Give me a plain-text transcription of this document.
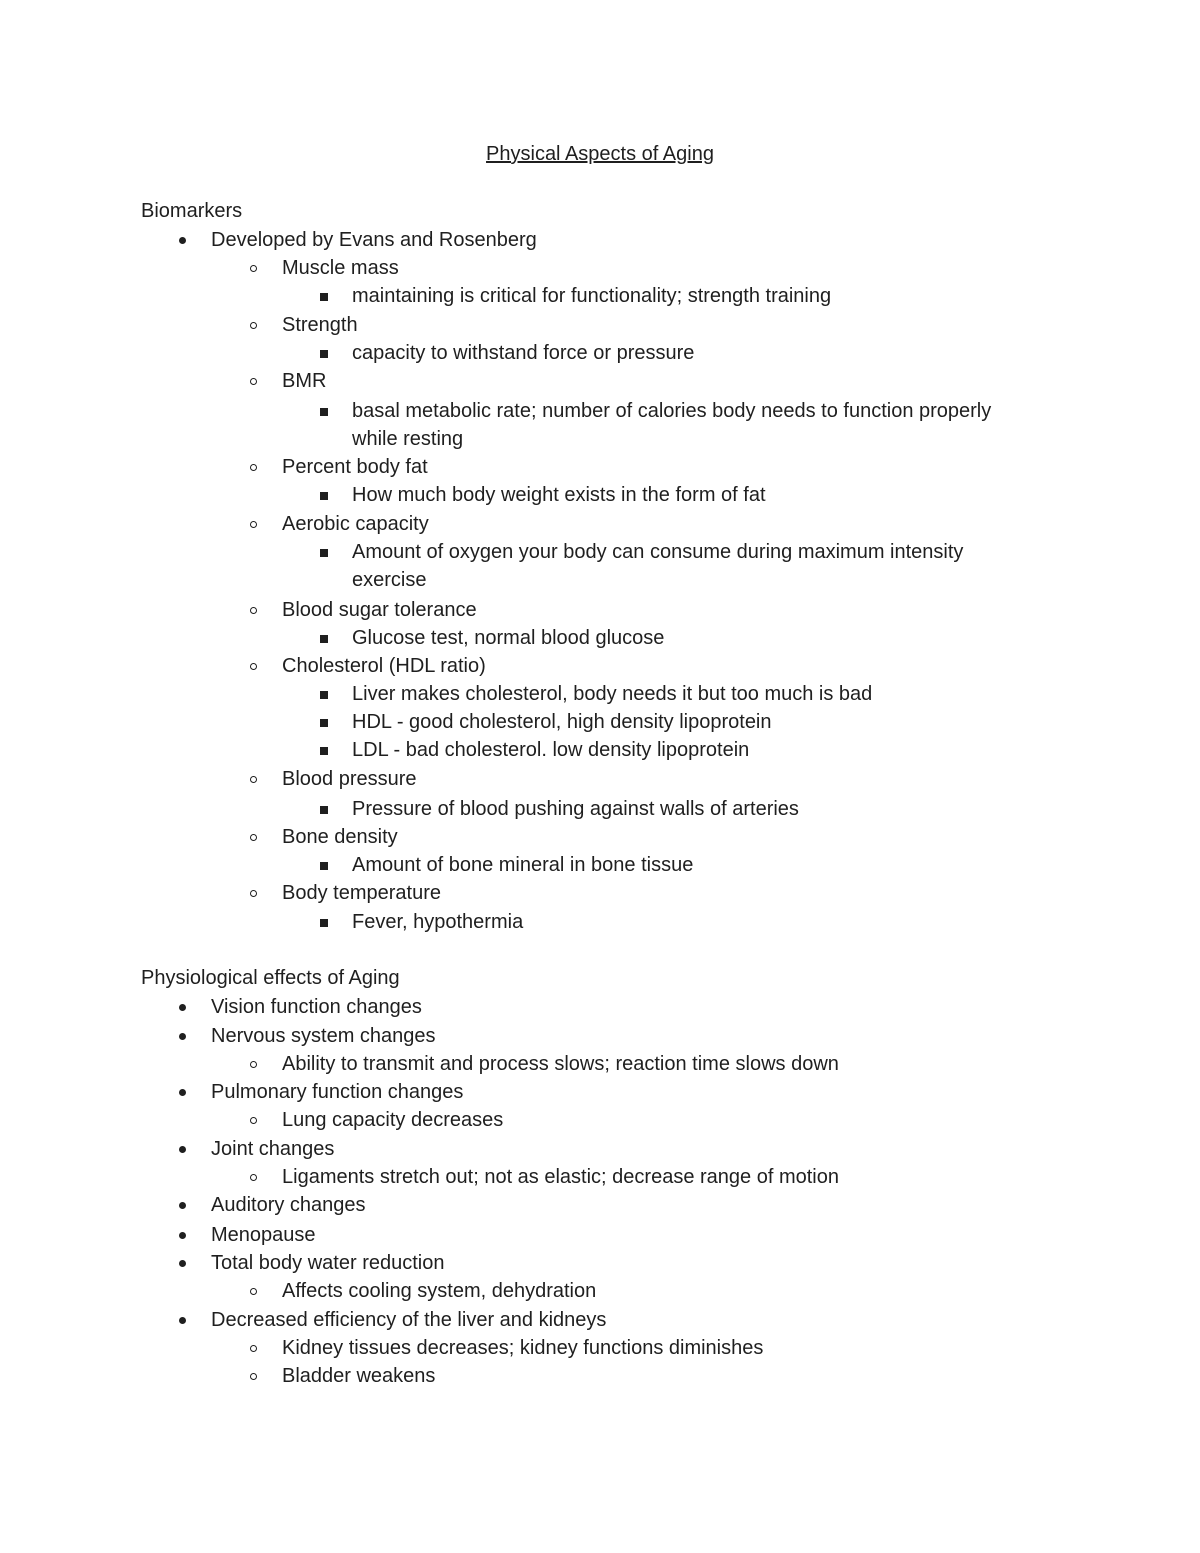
Physical Aspects of Aging
Biomarkers
Developed by Evans and Rosenberg
Muscle mass
maintaining is critical for functionality; strength training
Strength
capacity to withstand force or pressure
BMR
basal metabolic rate; number of calories body needs to function properly
while resting
Percent body fat
How much body weight exists in the form of fat
Aerobic capacity
Amount of oxygen your body can consume during maximum intensity
exercise
Blood sugar tolerance
Glucose test, normal blood glucose
Cholesterol (HDL ratio)
Liver makes cholesterol, body needs it but too much is bad
HDL - good cholesterol, high density lipoprotein
LDL - bad cholesterol. low density lipoprotein
Blood pressure
Pressure of blood pushing against walls of arteries
Bone density
Amount of bone mineral in bone tissue
Body temperature
Fever, hypothermia
Physiological effects of Aging
Vision function changes
Nervous system changes
Ability to transmit and process slows; reaction time slows down
Pulmonary function changes
Lung capacity decreases
Joint changes
Ligaments stretch out; not as elastic; decrease range of motion
Auditory changes
Menopause
Total body water reduction
Affects cooling system, dehydration
Decreased efficiency of the liver and kidneys
Kidney tissues decreases; kidney functions diminishes
Bladder weakens
